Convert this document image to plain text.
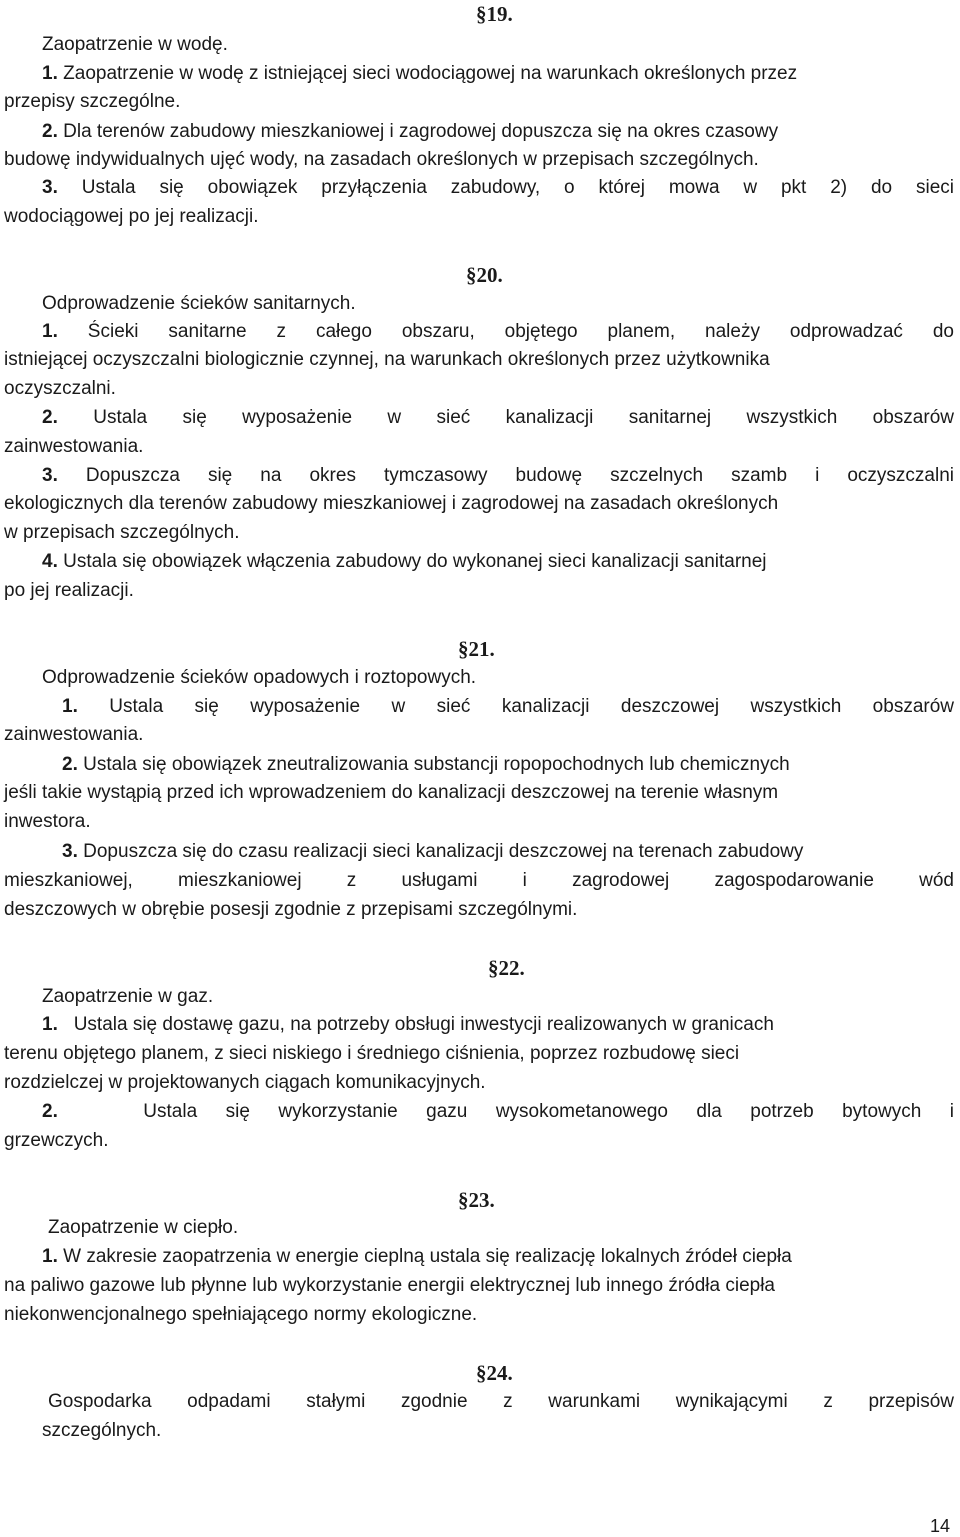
§19.
Zaopatrzenie w wodę.
1. Zaopatrzenie w wodę z istniejącej sieci wodociągowej na warunkach określonych przez
przepisy szczególne.
2. Dla terenów zabudowy mieszkaniowej i zagrodowej dopuszcza się na okres czasowy
budowę indywidualnych ujęć wody, na zasadach określonych w przepisach szczególnych.
3. Ustala się obowiązek przyłączenia zabudowy, o której mowa w pkt 2) do sieci
wodociągowej po jej realizacji.
§20.
Odprowadzenie ścieków sanitarnych.
1. Ścieki sanitarne z całego obszaru, objętego planem, należy odprowadzać do
istniejącej oczyszczalni biologicznie czynnej, na warunkach określonych przez użytkownika
oczyszczalni.
2. Ustala się wyposażenie w sieć kanalizacji sanitarnej wszystkich obszarów
zainwestowania.
3. Dopuszcza się na okres tymczasowy budowę szczelnych szamb i oczyszczalni
ekologicznych dla terenów zabudowy mieszkaniowej i zagrodowej na zasadach określonych
w przepisach szczególnych.
4. Ustala się obowiązek włączenia zabudowy do wykonanej sieci kanalizacji sanitarnej
po jej realizacji.
§21.
Odprowadzenie ścieków opadowych i roztopowych.
1. Ustala się wyposażenie w sieć kanalizacji deszczowej wszystkich obszarów
zainwestowania.
2. Ustala się obowiązek zneutralizowania substancji ropopochodnych lub chemicznych
jeśli takie wystąpią przed ich wprowadzeniem do kanalizacji deszczowej na terenie własnym
inwestora.
3. Dopuszcza się do czasu realizacji sieci kanalizacji deszczowej na terenach zabudowy
mieszkaniowej, mieszkaniowej z usługami i zagrodowej zagospodarowanie wód
deszczowych w obrębie posesji zgodnie z przepisami szczególnymi.
§22.
Zaopatrzenie w gaz.
1. Ustala się dostawę gazu, na potrzeby obsługi inwestycji realizowanych w granicach
terenu objętego planem, z sieci niskiego i średniego ciśnienia, poprzez rozbudowę sieci
rozdzielczej w projektowanych ciągach komunikacyjnych.
2.	Ustala się wykorzystanie gazu wysokometanowego dla potrzeb bytowych i
grzewczych.
§23.
Zaopatrzenie w ciepło.
1. W zakresie zaopatrzenia w energie cieplną ustala się realizację lokalnych źródeł ciepła
na paliwo gazowe lub płynne lub wykorzystanie energii elektrycznej lub innego źródła ciepła
niekonwencjonalnego spełniającego normy ekologiczne.
§24.
Gospodarka odpadami stałymi zgodnie z warunkami wynikającymi z przepisów
szczególnych.
14
